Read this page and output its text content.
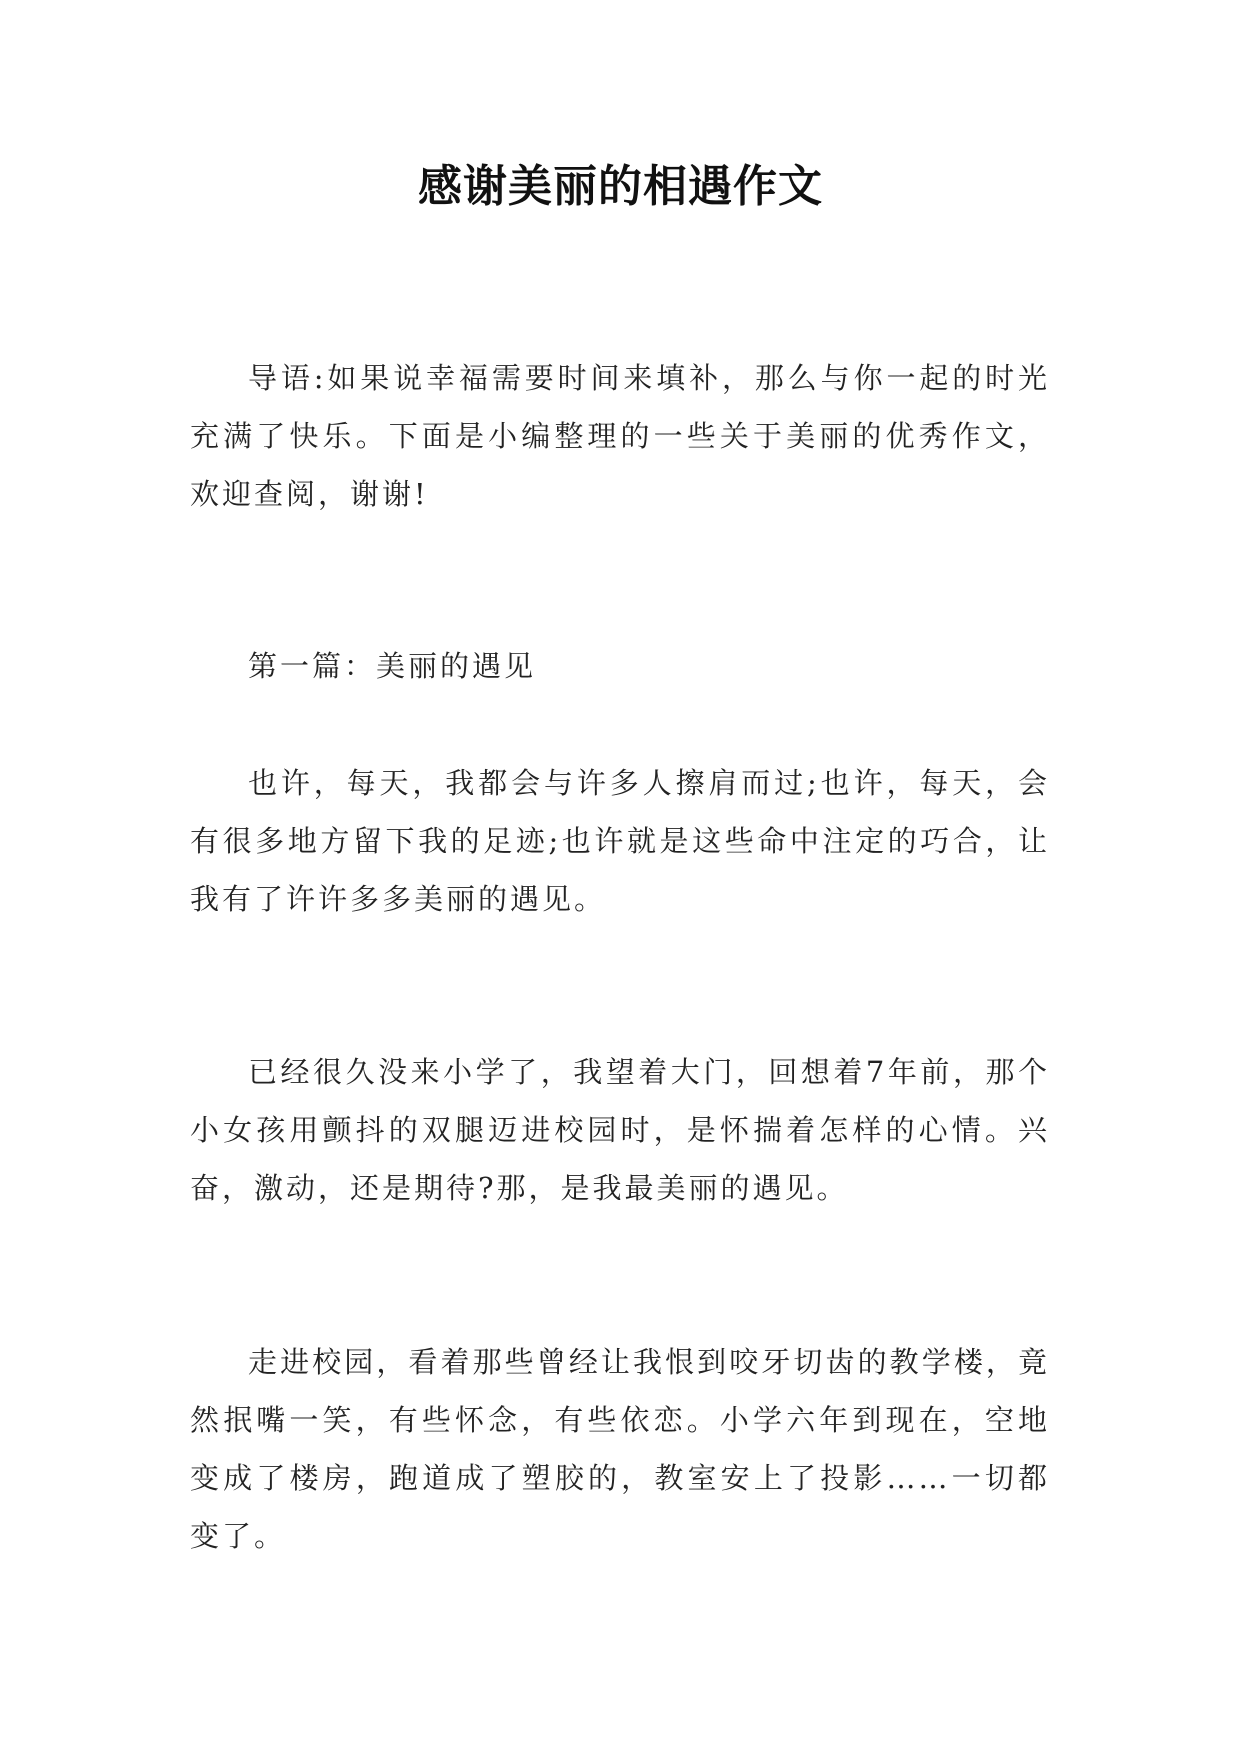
感谢美丽的相遇作文
导语:如果说幸福需要时间来填补，那么与你一起的时光充满了快乐。下面是小编整理的一些关于美丽的优秀作文，欢迎查阅，谢谢!
第一篇：美丽的遇见
也许，每天，我都会与许多人擦肩而过;也许，每天，会有很多地方留下我的足迹;也许就是这些命中注定的巧合，让我有了许许多多美丽的遇见。
已经很久没来小学了，我望着大门，回想着7年前，那个小女孩用颤抖的双腿迈进校园时，是怀揣着怎样的心情。兴奋，激动，还是期待?那，是我最美丽的遇见。
走进校园，看着那些曾经让我恨到咬牙切齿的教学楼，竟然抿嘴一笑，有些怀念，有些依恋。小学六年到现在，空地变成了楼房，跑道成了塑胶的，教室安上了投影……一切都变了。
